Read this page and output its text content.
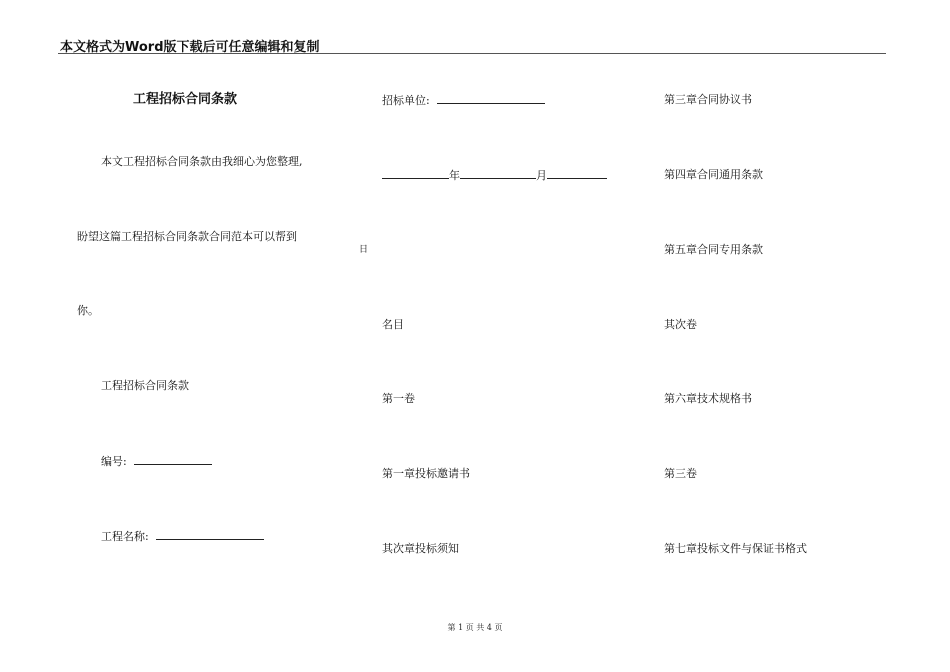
本文格式为Word版下载后可任意编辑和复制
工程招标合同条款
本文工程招标合同条款由我细心为您整理,
盼望这篇工程招标合同条款合同范本可以帮到
你。
工程招标合同条款
编号:
工程名称:
招标单位:
年	月
日
名目
第一卷
第一章投标邀请书
其次章投标须知
第三章合同协议书
第四章合同通用条款
第五章合同专用条款
其次卷
第六章技术规格书
第三卷
第七章投标文件与保证书格式
第 1 页 共 4 页
